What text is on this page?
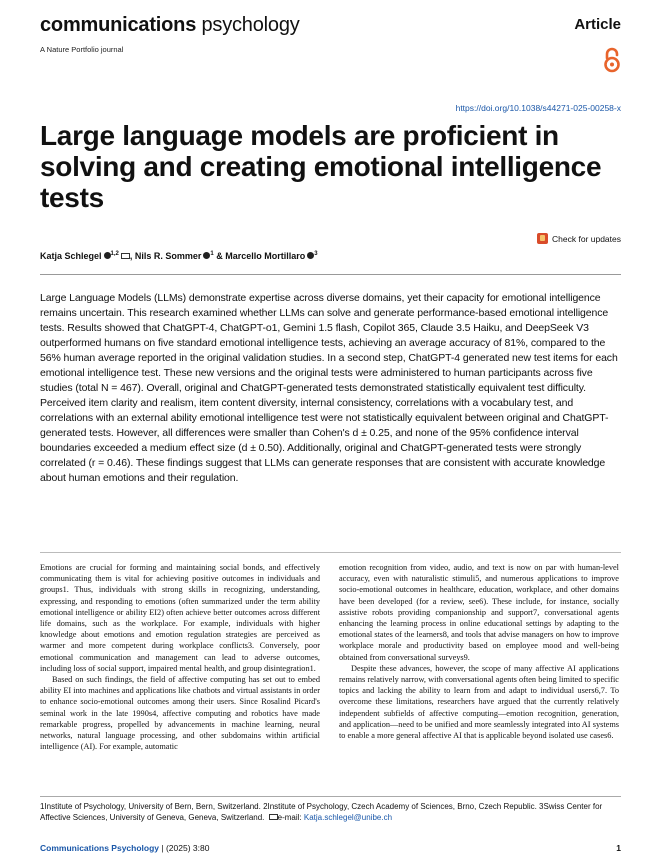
communications psychology
A Nature Portfolio journal
Article
https://doi.org/10.1038/s44271-025-00258-x
Large language models are proficient in solving and creating emotional intelligence tests
Check for updates
Katja Schlegel $^{1,2}$ , Nils R. Sommer $^1$ & Marcello Mortillaro $^3$

Large Language Models (LLMs) demonstrate expertise across diverse domains, yet their capacity for emotional intelligence remains uncertain. This research examined whether LLMs can solve and generate performance-based emotional intelligence tests. Results showed that ChatGPT-4, ChatGPT-o1, Gemini 1.5 flash, Copilot 365, Claude 3.5 Haiku, and DeepSeek V3 outperformed humans on five standard emotional intelligence tests, achieving an average accuracy of 81%, compared to the 56% human average reported in the original validation studies. In a second step, ChatGPT-4 generated new test items for each emotional intelligence test. These new versions and the original tests were administered to human participants across five studies (total N = 467). Overall, original and ChatGPT-generated tests demonstrated statistically equivalent test difficulty. Perceived item clarity and realism, item content diversity, internal consistency, correlations with a vocabulary test, and correlations with an external ability emotional intelligence test were not statistically equivalent between original and ChatGPT-generated tests. However, all differences were smaller than Cohen's d ± 0.25, and none of the 95% confidence interval boundaries exceeded a medium effect size (d ± 0.50). Additionally, original and ChatGPT-generated tests were strongly correlated (r = 0.46). These findings suggest that LLMs can generate responses that are consistent with accurate knowledge about human emotions and their regulation.

Emotions are crucial for forming and maintaining social bonds, and effectively communicating them is vital for achieving positive outcomes in individuals and groups1. Thus, individuals with strong skills in recognizing, understanding, expressing, and responding to emotions (often summarized under the term ability emotional intelligence or ability EI2) often achieve better outcomes across different life domains, such as the workplace. For example, individuals with higher knowledge about emotions and emotion regulation strategies are perceived as warmer and more competent during workplace conflicts3. Conversely, poor emotional communication and management can lead to adverse outcomes, including loss of social support, impaired mental health, and group disintegration1.

Based on such findings, the field of affective computing has set out to embed ability EI into machines and applications like chatbots and virtual assistants in order to enhance socio-emotional outcomes among their users. Since Rosalind Picard's seminal work in the late 1990s4, affective computing and robotics have made remarkable progress, propelled by advancements in machine learning, neural networks, natural language processing, and other subdomains within artificial intelligence (AI). For example, automatic

emotion recognition from video, audio, and text is now on par with human-level accuracy, even with naturalistic stimuli5, and numerous applications to improve socio-emotional outcomes in healthcare, education, workplace, and other domains have been developed (for a review, see6). These include, for instance, socially assistive robots providing companionship and support7, conversational agents enhancing the learning process in online educational settings by adapting to the emotional states of the learners8, and tools that advise managers on how to improve workplace morale and productivity based on employee mood and well-being obtained from conversational surveys9.

Despite these advances, however, the scope of many affective AI applications remains relatively narrow, with conversational agents often being limited to specific topics and lacking the ability to learn from and adapt to individual users6,7. To overcome these limitations, researchers have argued that the currently relatively independent subfields of affective computing—emotion recognition, generation, and application—need to be unified and more seamlessly integrated into AI systems to enable a more general affective AI that is applicable beyond isolated use cases6.

1Institute of Psychology, University of Bern, Bern, Switzerland. 2Institute of Psychology, Czech Academy of Sciences, Brno, Czech Republic. 3Swiss Center for Affective Sciences, University of Geneva, Geneva, Switzerland. e-mail: Katja.schlegel@unibe.ch

Communications Psychology | (2025) 3:80	1
